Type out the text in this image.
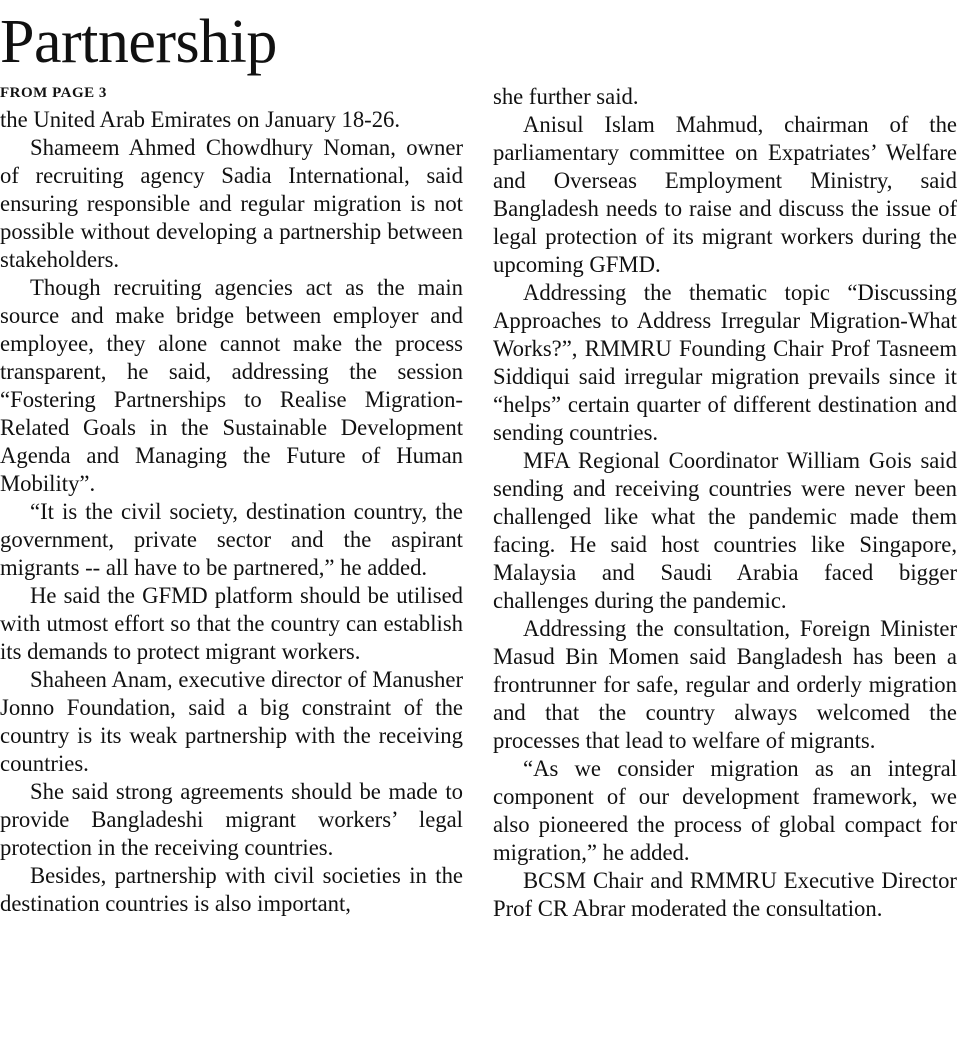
Partnership
FROM PAGE 3

the United Arab Emirates on January 18-26.

Shameem Ahmed Chowdhury Noman, owner of recruiting agency Sadia International, said ensuring responsible and regular migration is not possible without developing a partnership between stakeholders.

Though recruiting agencies act as the main source and make bridge between employer and employee, they alone cannot make the process transparent, he said, addressing the session “Fostering Partnerships to Realise Migration-Related Goals in the Sustainable Development Agenda and Managing the Future of Human Mobility”.

“It is the civil society, destination country, the government, private sector and the aspirant migrants -- all have to be partnered,” he added.

He said the GFMD platform should be utilised with utmost effort so that the country can establish its demands to protect migrant workers.

Shaheen Anam, executive director of Manusher Jonno Foundation, said a big constraint of the country is its weak partnership with the receiving countries.

She said strong agreements should be made to provide Bangladeshi migrant workers’ legal protection in the receiving countries.

Besides, partnership with civil societies in the destination countries is also important,

she further said.

Anisul Islam Mahmud, chairman of the parliamentary committee on Expatriates’ Welfare and Overseas Employment Ministry, said Bangladesh needs to raise and discuss the issue of legal protection of its migrant workers during the upcoming GFMD.

Addressing the thematic topic “Discussing Approaches to Address Irregular Migration-What Works?”, RMMRU Founding Chair Prof Tasneem Siddiqui said irregular migration prevails since it “helps” certain quarter of different destination and sending countries.

MFA Regional Coordinator William Gois said sending and receiving countries were never been challenged like what the pandemic made them facing. He said host countries like Singapore, Malaysia and Saudi Arabia faced bigger challenges during the pandemic.

Addressing the consultation, Foreign Minister Masud Bin Momen said Bangladesh has been a frontrunner for safe, regular and orderly migration and that the country always welcomed the processes that lead to welfare of migrants.

“As we consider migration as an integral component of our development framework, we also pioneered the process of global compact for migration,” he added.

BCSM Chair and RMMRU Executive Director Prof CR Abrar moderated the consultation.
